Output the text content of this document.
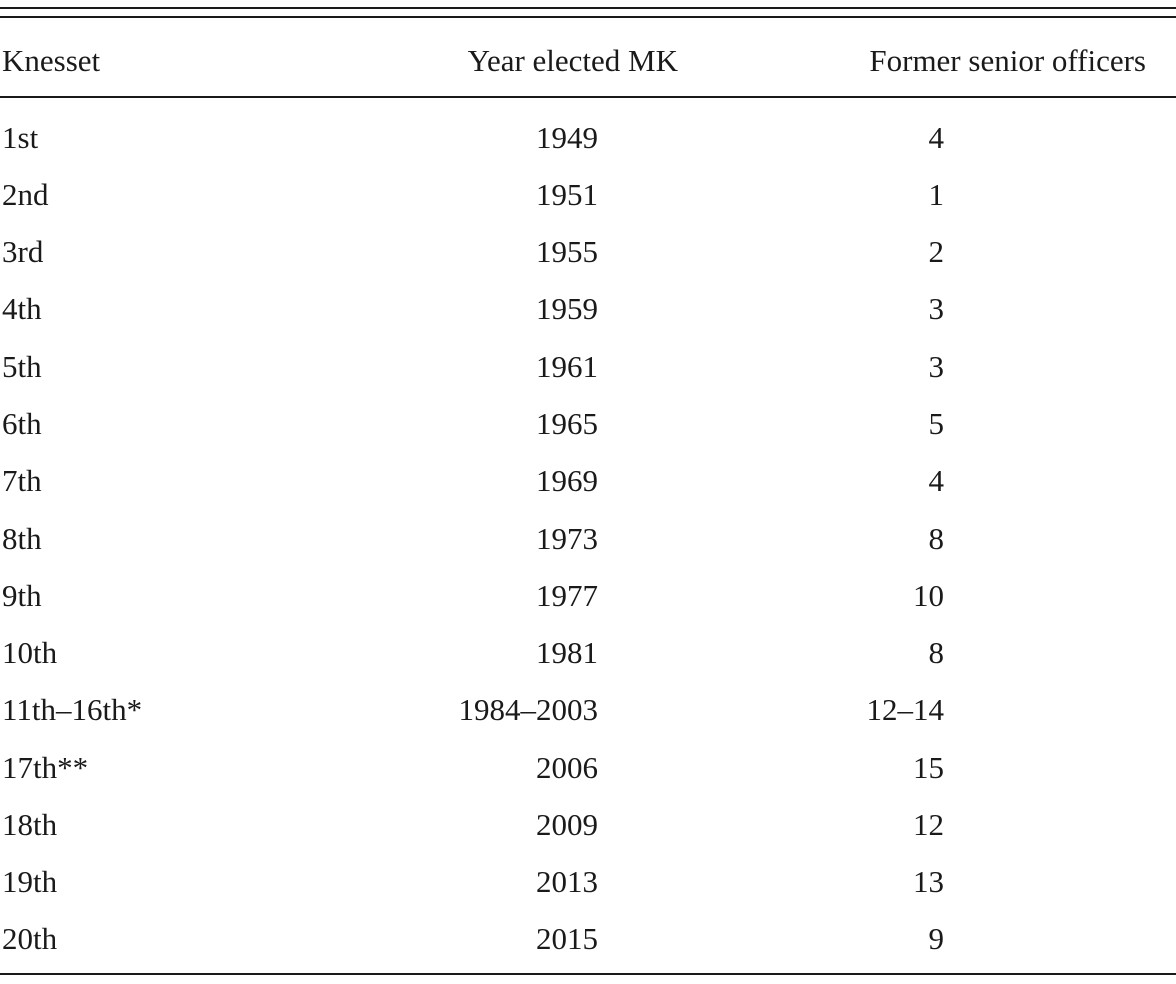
Knesset	Year elected MK	Former senior officers
1st	1949	4
2nd	1951	1
3rd	1955	2
4th	1959	3
5th	1961	3
6th	1965	5
7th	1969	4
8th	1973	8
9th	1977	10
10th	1981	8
11th–16th*	1984–2003	12–14
17th**	2006	15
18th	2009	12
19th	2013	13
20th	2015	9
